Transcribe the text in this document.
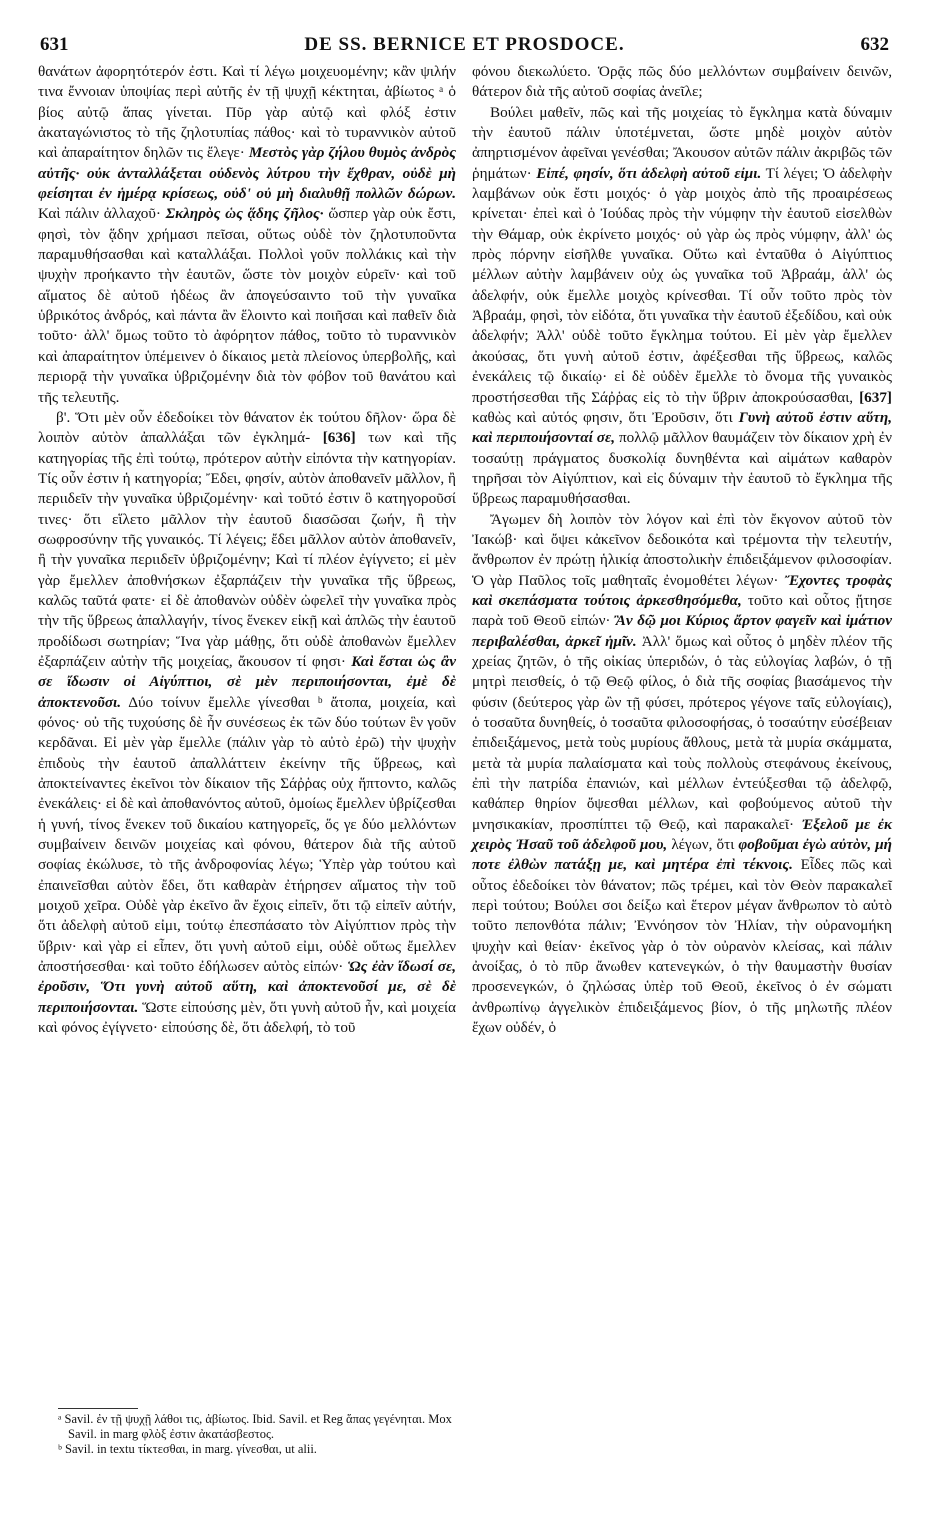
631	DE SS. BERNICE ET PROSDOCE.	632

θανάτων ἀφορητότερόν ἐστι. Καὶ τί λέγω μοιχευομένην; κἂν ψιλήν τινα ἔννοιαν ὑποψίας περὶ αὐτῆς ἐν τῇ ψυχῇ κέκτηται, ἀβίωτος ᵃ ὁ βίος αὐτῷ ἅπας γίνεται. Πῦρ γὰρ αὐτῷ καὶ φλόξ ἐστιν ἀκαταγώνιστος τὸ τῆς ζηλοτυπίας πάθος· καὶ τὸ τυραννικὸν αὐτοῦ καὶ ἀπαραίτητον δηλῶν τις ἔλεγε· Μεστὸς γὰρ ζήλου θυμὸς ἀνδρὸς αὐτῆς· οὐκ ἀνταλλάξεται οὐδενὸς λύτρου τὴν ἔχθραν, οὐδὲ μὴ φείσηται ἐν ἡμέρᾳ κρίσεως, οὐδ' οὐ μὴ διαλυθῇ πολλῶν δώρων. Καὶ πάλιν ἀλλαχοῦ· Σκληρὸς ὡς ᾅδης ζῆλος· ὥσπερ γὰρ οὐκ ἔστι, φησὶ, τὸν ᾅδην χρήμασι πεῖσαι, οὕτως οὐδὲ τὸν ζηλοτυποῦντα παραμυθήσασθαι καὶ καταλλάξαι. Πολλοὶ γοῦν πολλάκις καὶ τὴν ψυχὴν προήκαντο τὴν ἑαυτῶν, ὥστε τὸν μοιχὸν εὑρεῖν· καὶ τοῦ αἵματος δὲ αὐτοῦ ἡδέως ἂν ἀπογεύσαιντο τοῦ τὴν γυναῖκα ὑβρικότος ἀνδρός, καὶ πάντα ἂν ἕλοιντο καὶ ποιῆσαι καὶ παθεῖν διὰ τοῦτο· ἀλλ' ὅμως τοῦτο τὸ ἀφόρητον πάθος, τοῦτο τὸ τυραννικὸν καὶ ἀπαραίτητον ὑπέμεινεν ὁ δίκαιος μετὰ πλείονος ὑπερβολῆς, καὶ περιορᾷ τὴν γυναῖκα ὑβριζομένην διὰ τὸν φόβον τοῦ θανάτου καὶ τῆς τελευτῆς.

β'. Ὅτι μὲν οὖν ἐδεδοίκει τὸν θάνατον ἐκ τούτου δῆλον· ὥρα δὲ λοιπὸν αὐτὸν ἀπαλλάξαι τῶν ἐγκλημά- [636] των καὶ τῆς κατηγορίας τῆς ἐπὶ τούτῳ, πρότερον αὐτὴν εἰπόντα τὴν κατηγορίαν. Τίς οὖν ἐστιν ἡ κατηγορία; Ἔδει, φησίν, αὐτὸν ἀποθανεῖν μᾶλλον, ἢ περιιδεῖν τὴν γυναῖκα ὑβριζομένην· καὶ τοῦτό ἐστιν ὃ κατηγοροῦσί τινες· ὅτι εἵλετο μᾶλλον τὴν ἑαυτοῦ διασῶσαι ζωήν, ἢ τὴν σωφροσύνην τῆς γυναικός. Τί λέγεις; ἔδει μᾶλλον αὐτὸν ἀποθανεῖν, ἢ τὴν γυναῖκα περιιδεῖν ὑβριζομένην; Καὶ τί πλέον ἐγίγνετο; εἰ μὲν γὰρ ἔμελλεν ἀποθνήσκων ἐξαρπάζειν τὴν γυναῖκα τῆς ὕβρεως, καλῶς ταῦτά φατε· εἰ δὲ ἀποθανὼν οὐδὲν ὠφελεῖ τὴν γυναῖκα πρὸς τὴν τῆς ὕβρεως ἀπαλλαγήν, τίνος ἕνεκεν εἰκῇ καὶ ἁπλῶς τὴν ἑαυτοῦ προδίδωσι σωτηρίαν; Ἵνα γὰρ μάθῃς, ὅτι οὐδὲ ἀποθανὼν ἔμελλεν ἐξαρπάζειν αὐτὴν τῆς μοιχείας, ἄκουσον τί φησι· Καὶ ἔσται ὡς ἂν σε ἴδωσιν οἱ Αἰγύπτιοι, σὲ μὲν περιποιήσονται, ἐμὲ δὲ ἀποκτενοῦσι. Δύο τοίνυν ἔμελλε γίνεσθαι ᵇ ἄτοπα, μοιχεία, καὶ φόνος· οὐ τῆς τυχούσης δὲ ἦν συνέσεως ἐκ τῶν δύο τούτων ἓν γοῦν κερδᾶναι. Εἰ μὲν γὰρ ἔμελλε (πάλιν γὰρ τὸ αὐτὸ ἐρῶ) τὴν ψυχὴν ἐπιδοὺς τὴν ἑαυτοῦ ἀπαλλάττειν ἐκείνην τῆς ὕβρεως, καὶ ἀποκτείναντες ἐκεῖνοι τὸν δίκαιον τῆς Σάῤῥας οὐχ ἥπτοντο, καλῶς ἐνεκάλεις· εἰ δὲ καὶ ἀποθανόντος αὐτοῦ, ὁμοίως ἔμελλεν ὑβρίζεσθαι ἡ γυνή, τίνος ἕνεκεν τοῦ δικαίου κατηγορεῖς, ὅς γε δύο μελλόντων συμβαίνειν δεινῶν μοιχείας καὶ φόνου, θάτερον διὰ τῆς αὐτοῦ σοφίας ἐκώλυσε, τὸ τῆς ἀνδροφονίας λέγω; Ὑπὲρ γὰρ τούτου καὶ ἐπαινεῖσθαι αὐτὸν ἔδει, ὅτι καθαρὰν ἐτήρησεν αἵματος τὴν τοῦ μοιχοῦ χεῖρα. Οὐδὲ γὰρ ἐκεῖνο ἂν ἔχοις εἰπεῖν, ὅτι τῷ εἰπεῖν αὐτήν, ὅτι ἀδελφὴ αὐτοῦ εἰμι, τούτῳ ἐπεσπάσατο τὸν Αἰγύπτιον πρὸς τὴν ὕβριν· καὶ γὰρ εἰ εἶπεν, ὅτι γυνὴ αὐτοῦ εἰμι, οὐδὲ οὕτως ἔμελλεν ἀποστήσεσθαι· καὶ τοῦτο ἐδήλωσεν αὐτὸς εἰπών· Ὡς ἐὰν ἴδωσί σε, ἐροῦσιν, Ὅτι γυνὴ αὐτοῦ αὕτη, καὶ ἀποκτενοῦσί με, σὲ δὲ περιποιήσονται. Ὥστε εἰπούσης μὲν, ὅτι γυνὴ αὐτοῦ ἦν, καὶ μοιχεία καὶ φόνος ἐγίγνετο· εἰπούσης δὲ, ὅτι ἀδελφή, τὸ τοῦ

φόνου διεκωλύετο. Ὁρᾷς πῶς δύο μελλόντων συμβαίνειν δεινῶν, θάτερον διὰ τῆς αὐτοῦ σοφίας ἀνεῖλε;

Βούλει μαθεῖν, πῶς καὶ τῆς μοιχείας τὸ ἔγκλημα κατὰ δύναμιν τὴν ἑαυτοῦ πάλιν ὑποτέμνεται, ὥστε μηδὲ μοιχὸν αὐτὸν ἀπηρτισμένον ἀφεῖναι γενέσθαι; Ἄκουσον αὐτῶν πάλιν ἀκριβῶς τῶν ῥημάτων· Εἰπέ, φησίν, ὅτι ἀδελφὴ αὐτοῦ εἰμι. Τί λέγει; Ὁ ἀδελφὴν λαμβάνων οὐκ ἔστι μοιχός· ὁ γὰρ μοιχὸς ἀπὸ τῆς προαιρέσεως κρίνεται· ἐπεὶ καὶ ὁ Ἰούδας πρὸς τὴν νύμφην τὴν ἑαυτοῦ εἰσελθὼν τὴν Θάμαρ, οὐκ ἐκρίνετο μοιχός· οὐ γὰρ ὡς πρὸς νύμφην, ἀλλ' ὡς πρὸς πόρνην εἰσῆλθε γυναῖκα. Οὕτω καὶ ἐνταῦθα ὁ Αἰγύπτιος μέλλων αὐτὴν λαμβάνειν οὐχ ὡς γυναῖκα τοῦ Ἀβραάμ, ἀλλ' ὡς ἀδελφήν, οὐκ ἔμελλε μοιχὸς κρίνεσθαι. Τί οὖν τοῦτο πρὸς τὸν Ἀβραάμ, φησὶ, τὸν εἰδότα, ὅτι γυναῖκα τὴν ἑαυτοῦ ἐξεδίδου, καὶ οὐκ ἀδελφήν; Ἀλλ' οὐδὲ τοῦτο ἔγκλημα τούτου. Εἰ μὲν γὰρ ἔμελλεν ἀκούσας, ὅτι γυνὴ αὐτοῦ ἐστιν, ἀφέξεσθαι τῆς ὕβρεως, καλῶς ἐνεκάλεις τῷ δικαίῳ· εἰ δὲ οὐδὲν ἔμελλε τὸ ὄνομα τῆς γυναικὸς προστήσεσθαι τῆς Σάῤῥας εἰς τὸ τὴν ὕβριν ἀποκρούσασθαι, [637] καθὼς καὶ αὐτός φησιν, ὅτι Ἐροῦσιν, ὅτι Γυνὴ αὐτοῦ ἐστιν αὕτη, καὶ περιποιήσονταί σε, πολλῷ μᾶλλον θαυμάζειν τὸν δίκαιον χρὴ ἐν τοσαύτῃ πράγματος δυσκολίᾳ δυνηθέντα καὶ αἱμάτων καθαρὸν τηρῆσαι τὸν Αἰγύπτιον, καὶ εἰς δύναμιν τὴν ἑαυτοῦ τὸ ἔγκλημα τῆς ὕβρεως παραμυθήσασθαι.

Ἄγωμεν δὴ λοιπὸν τὸν λόγον καὶ ἐπὶ τὸν ἔκγονον αὐτοῦ τὸν Ἰακώβ· καὶ ὄψει κἀκεῖνον δεδοικότα καὶ τρέμοντα τὴν τελευτήν, ἄνθρωπον ἐν πρώτῃ ἡλικίᾳ ἀποστολικὴν ἐπιδειξάμενον φιλοσοφίαν. Ὁ γὰρ Παῦλος τοῖς μαθηταῖς ἐνομοθέτει λέγων· Ἔχοντες τροφὰς καὶ σκεπάσματα τούτοις ἀρκεσθησόμεθα, τοῦτο καὶ οὗτος ᾔτησε παρὰ τοῦ Θεοῦ εἰπών· Ἂν δῷ μοι Κύριος ἄρτον φαγεῖν καὶ ἱμάτιον περιβαλέσθαι, ἀρκεῖ ἡμῖν. Ἀλλ' ὅμως καὶ οὗτος ὁ μηδὲν πλέον τῆς χρείας ζητῶν, ὁ τῆς οἰκίας ὑπεριδών, ὁ τὰς εὐλογίας λαβών, ὁ τῇ μητρὶ πεισθείς, ὁ τῷ Θεῷ φίλος, ὁ διὰ τῆς σοφίας βιασάμενος τὴν φύσιν (δεύτερος γὰρ ὢν τῇ φύσει, πρότερος γέγονε ταῖς εὐλογίαις), ὁ τοσαῦτα δυνηθείς, ὁ τοσαῦτα φιλοσοφήσας, ὁ τοσαύτην εὐσέβειαν ἐπιδειξάμενος, μετὰ τοὺς μυρίους ἄθλους, μετὰ τὰ μυρία σκάμματα, μετὰ τὰ μυρία παλαίσματα καὶ τοὺς πολλοὺς στεφάνους ἐκείνους, ἐπὶ τὴν πατρίδα ἐπανιών, καὶ μέλλων ἐντεύξεσθαι τῷ ἀδελφῷ, καθάπερ θηρίον ὄψεσθαι μέλλων, καὶ φοβούμενος αὐτοῦ τὴν μνησικακίαν, προσπίπτει τῷ Θεῷ, καὶ παρακαλεῖ· Ἐξελοῦ με ἐκ χειρὸς Ἠσαῦ τοῦ ἀδελφοῦ μου, λέγων, ὅτι φοβοῦμαι ἐγὼ αὐτὸν, μή ποτε ἐλθὼν πατάξῃ με, καὶ μητέρα ἐπὶ τέκνοις. Εἶδες πῶς καὶ οὗτος ἐδεδοίκει τὸν θάνατον; πῶς τρέμει, καὶ τὸν Θεὸν παρακαλεῖ περὶ τούτου; Βούλει σοι δείξω καὶ ἕτερον μέγαν ἄνθρωπον τὸ αὐτὸ τοῦτο πεπονθότα πάλιν; Ἐννόησον τὸν Ἠλίαν, τὴν οὐρανομήκη ψυχὴν καὶ θείαν· ἐκεῖνος γὰρ ὁ τὸν οὐρανὸν κλείσας, καὶ πάλιν ἀνοίξας, ὁ τὸ πῦρ ἄνωθεν κατενεγκών, ὁ τὴν θαυμαστὴν θυσίαν προσενεγκών, ὁ ζηλώσας ὑπὲρ τοῦ Θεοῦ, ἐκεῖνος ὁ ἐν σώματι ἀνθρωπίνῳ ἀγγελικὸν ἐπιδειξάμενος βίον, ὁ τῆς μηλωτῆς πλέον ἔχων οὐδέν, ὁ

ᵃ Savil. ἐν τῇ ψυχῇ λάθοι τις, ἀβίωτος. Ibid. Savil. et Reg ἅπας γεγένηται. Mox Savil. in marg φλὸξ ἐστιν ἀκατάσβεστος.
ᵇ Savil. in textu τίκτεσθαι, in marg. γίνεσθαι, ut alii.
